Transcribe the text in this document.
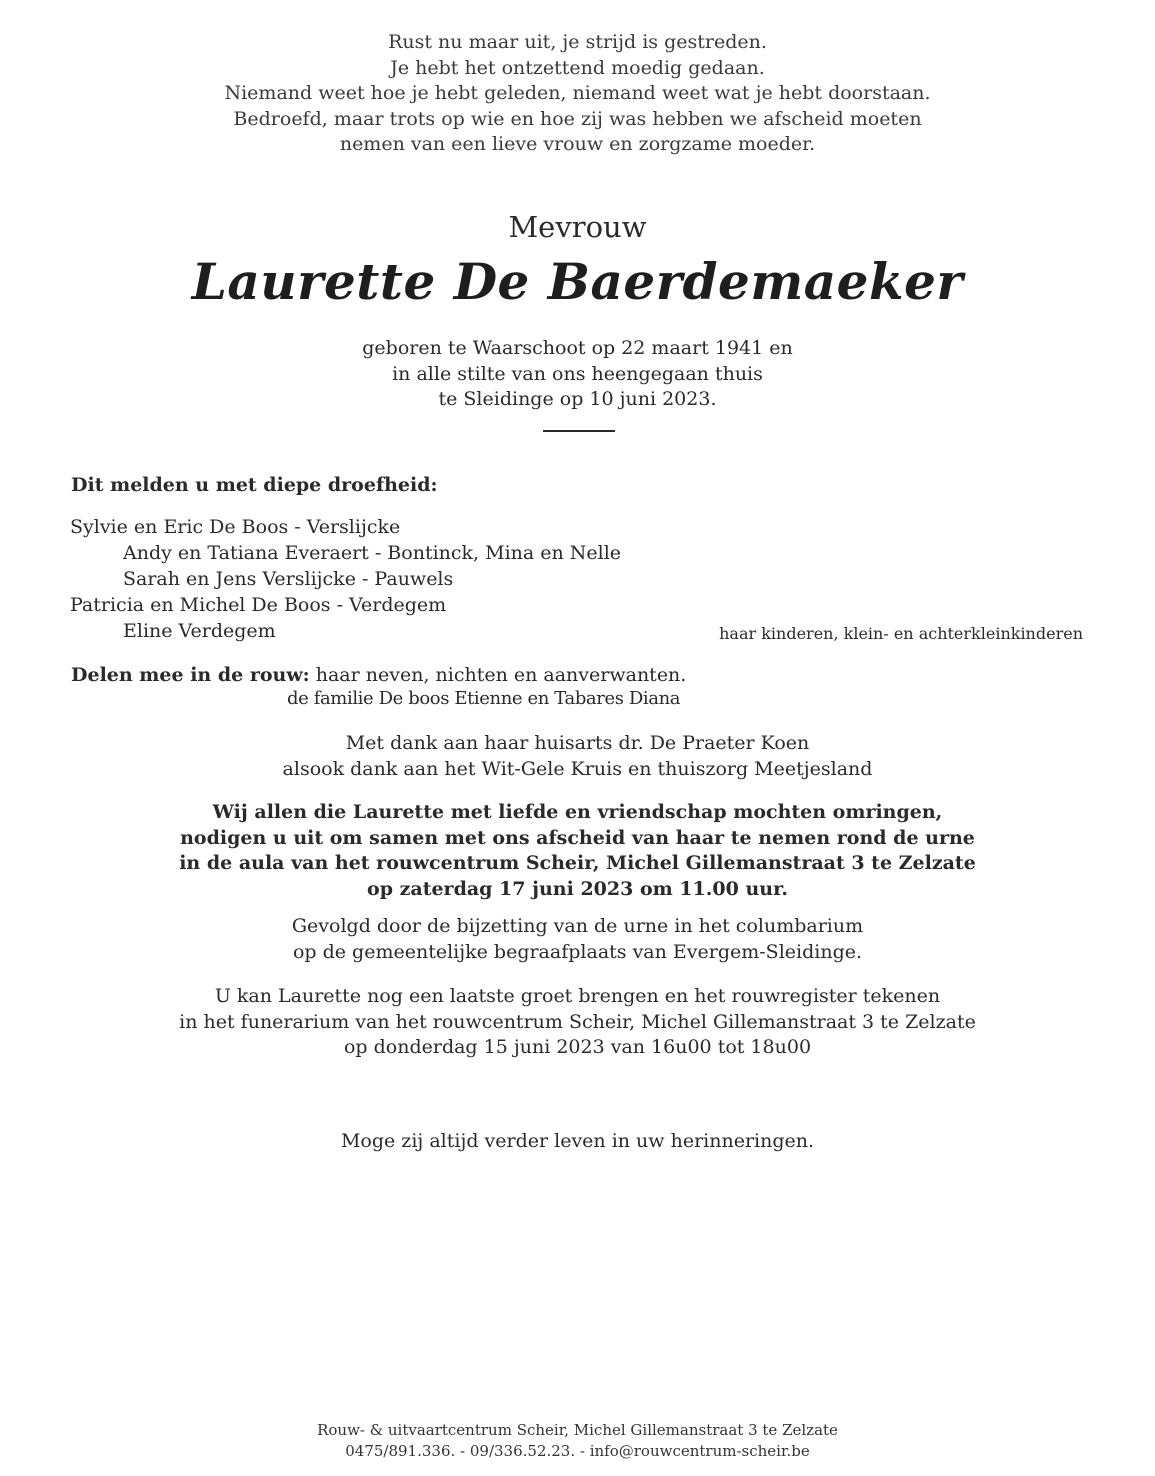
Rust nu maar uit, je strijd is gestreden.
Je hebt het ontzettend moedig gedaan.
Niemand weet hoe je hebt geleden, niemand weet wat je hebt doorstaan.
Bedroefd, maar trots op wie en hoe zij was hebben we afscheid moeten
nemen van een lieve vrouw en zorgzame moeder.
Mevrouw
Laurette De Baerdemaeker
geboren te Waarschoot op 22 maart 1941 en
in alle stilte van ons heengegaan thuis
te Sleidinge op 10 juni 2023.
Dit melden u met diepe droefheid:
Sylvie en Eric De Boos - Verslijcke
Andy en Tatiana Everaert - Bontinck, Mina en Nelle
Sarah en Jens Verslijcke - Pauwels
Patricia en Michel De Boos - Verdegem
Eline Verdegem	haar kinderen, klein- en achterkleinkinderen
Delen mee in de rouw: haar neven, nichten en aanverwanten.
de familie De boos Etienne en Tabares Diana
Met dank aan haar huisarts dr. De Praeter Koen
alsook dank aan het Wit-Gele Kruis en thuiszorg Meetjesland
Wij allen die Laurette met liefde en vriendschap mochten omringen,
nodigen u uit om samen met ons afscheid van haar te nemen rond de urne
in de aula van het rouwcentrum Scheir, Michel Gillemanstraat 3 te Zelzate
op zaterdag 17 juni 2023 om 11.00 uur.
Gevolgd door de bijzetting van de urne in het columbarium
op de gemeentelijke begraafplaats van Evergem-Sleidinge.
U kan Laurette nog een laatste groet brengen en het rouwregister tekenen
in het funerarium van het rouwcentrum Scheir, Michel Gillemanstraat 3 te Zelzate
op donderdag 15 juni 2023 van 16u00 tot 18u00
Moge zij altijd verder leven in uw herinneringen.
Rouw- & uitvaartcentrum Scheir, Michel Gillemanstraat 3 te Zelzate
0475/891.336. - 09/336.52.23. - info@rouwcentrum-scheir.be
